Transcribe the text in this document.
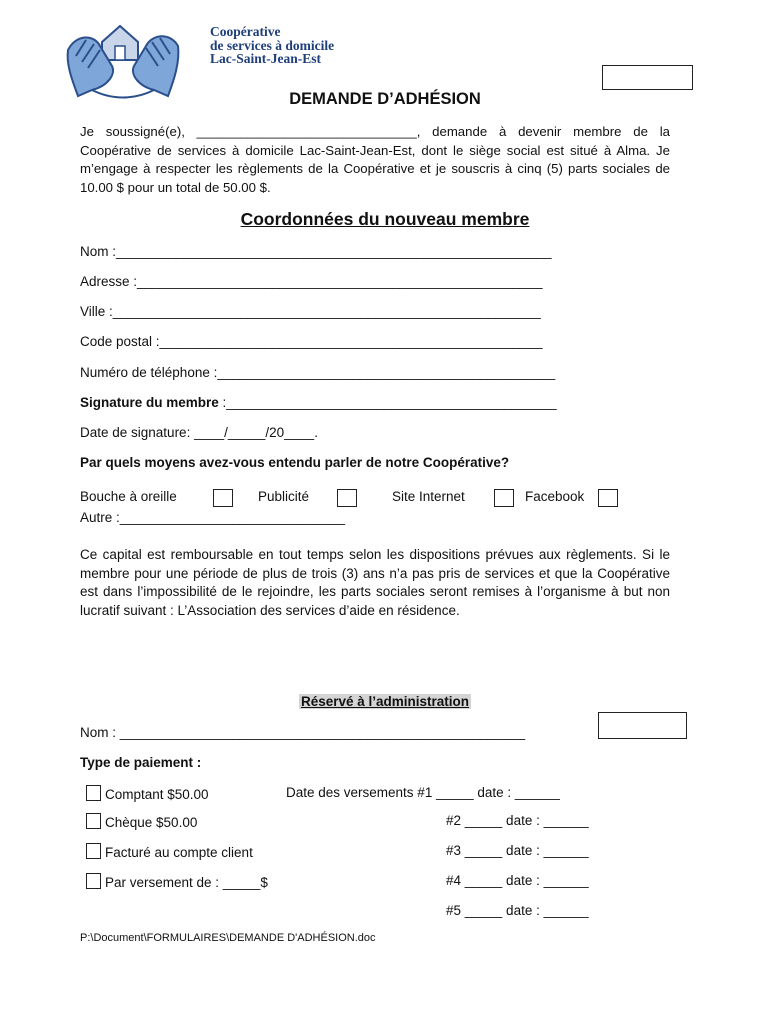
Coopérative
de services à domicile
Lac-Saint-Jean-Est
DEMANDE D’ADHÉSION
Je soussigné(e), ______________________________, demande à devenir membre de la Coopérative de services à domicile Lac-Saint-Jean-Est, dont le siège social est situé à Alma. Je m’engage à respecter les règlements de la Coopérative et je souscris à cinq (5) parts sociales de 10.00 $ pour un total de 50.00 $.
Coordonnées du nouveau membre
Nom :__________________________________________________________
Adresse :______________________________________________________
Ville :_________________________________________________________
Code postal :___________________________________________________
Numéro de téléphone :_____________________________________________
Signature du membre :____________________________________________
Date de signature: ____/_____/20____.
Par quels moyens avez-vous entendu parler de notre Coopérative?
Bouche à oreille	Publicité	Site Internet	Facebook
Autre :______________________________
Ce capital est remboursable en tout temps selon les dispositions prévues aux règlements. Si le membre pour une période de plus de trois (3) ans n’a pas pris de services et que la Coopérative est dans l’impossibilité de le rejoindre, les parts sociales seront remises à l’organisme à but non lucratif suivant : L’Association des services d’aide en résidence.
Réservé à l’administration
Nom : ______________________________________________________
Type de paiement :
Comptant $50.00
Chèque $50.00
Facturé au compte client
Par versement de : _____$
Date des versements #1 _____ date : ______
#2 _____ date : ______
#3 _____ date : ______
#4 _____ date : ______
#5 _____ date : ______
P:\Document\FORMULAIRES\DEMANDE D'ADHÉSION.doc
